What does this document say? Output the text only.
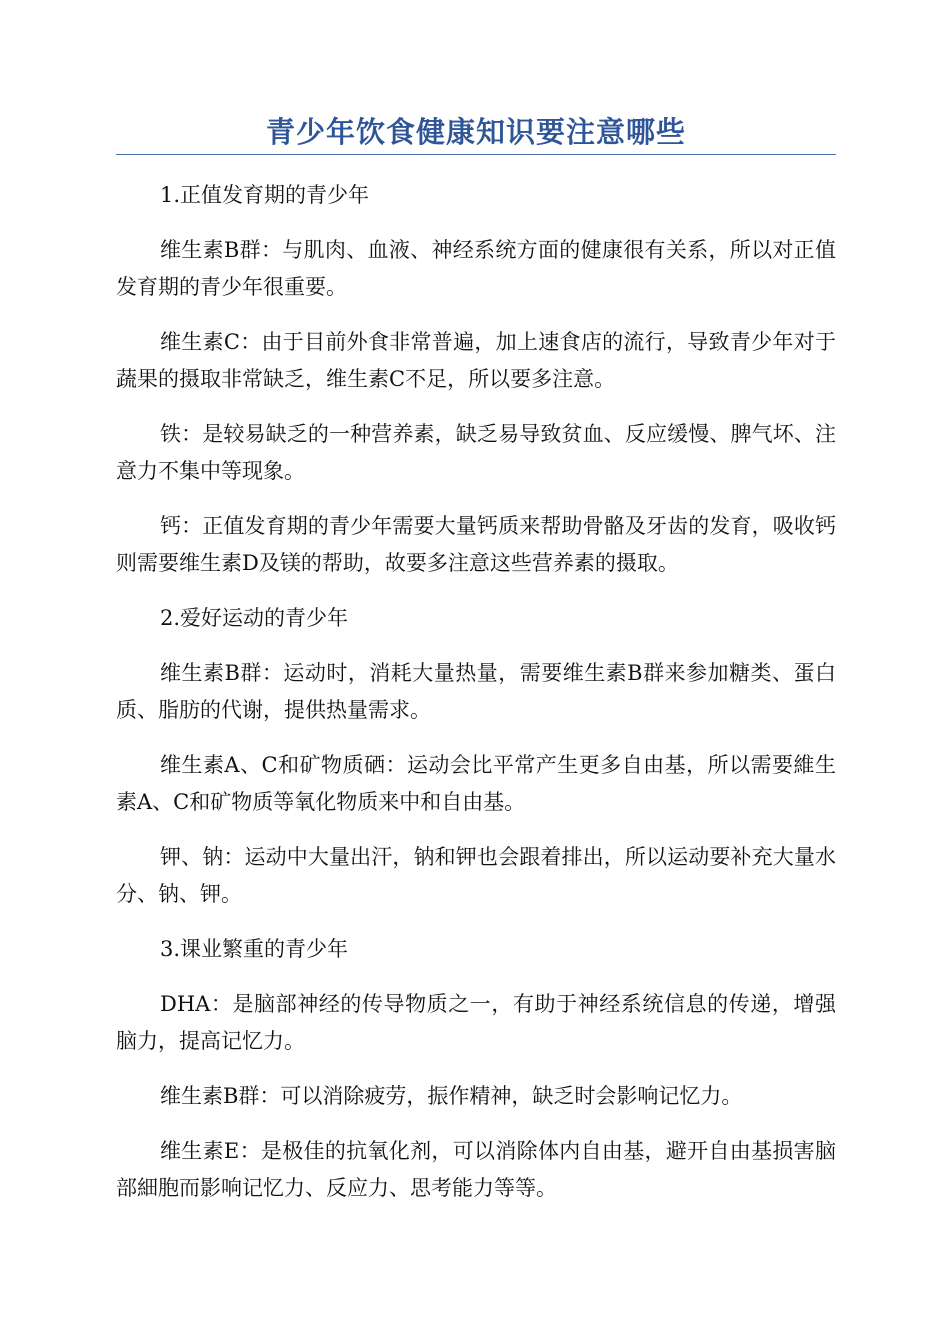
青少年饮食健康知识要注意哪些

1.正值发育期的青少年

维生素B群：与肌肉、血液、神经系统方面的健康很有关系，所以对正值发育期的青少年很重要。

维生素C：由于目前外食非常普遍，加上速食店的流行，导致青少年对于蔬果的摄取非常缺乏，维生素C不足，所以要多注意。

铁：是较易缺乏的一种营养素，缺乏易导致贫血、反应缓慢、脾气坏、注意力不集中等现象。

钙：正值发育期的青少年需要大量钙质来帮助骨骼及牙齿的发育，吸收钙则需要维生素D及镁的帮助，故要多注意这些营养素的摄取。

2.爱好运动的青少年

维生素B群：运动时，消耗大量热量，需要维生素B群来参加糖类、蛋白质、脂肪的代谢，提供热量需求。

维生素A、C和矿物质硒：运动会比平常产生更多自由基，所以需要維生素A、C和矿物质等氧化物质来中和自由基。

钾、钠：运动中大量出汗，钠和钾也会跟着排出，所以运动要补充大量水分、钠、钾。

3.课业繁重的青少年

DHA：是脑部神经的传导物质之一，有助于神经系统信息的传递，增强脑力，提高记忆力。

维生素B群：可以消除疲劳，振作精神，缺乏时会影响记忆力。

维生素E：是极佳的抗氧化剂，可以消除体内自由基，避开自由基损害脑部細胞而影响记忆力、反应力、思考能力等等。
